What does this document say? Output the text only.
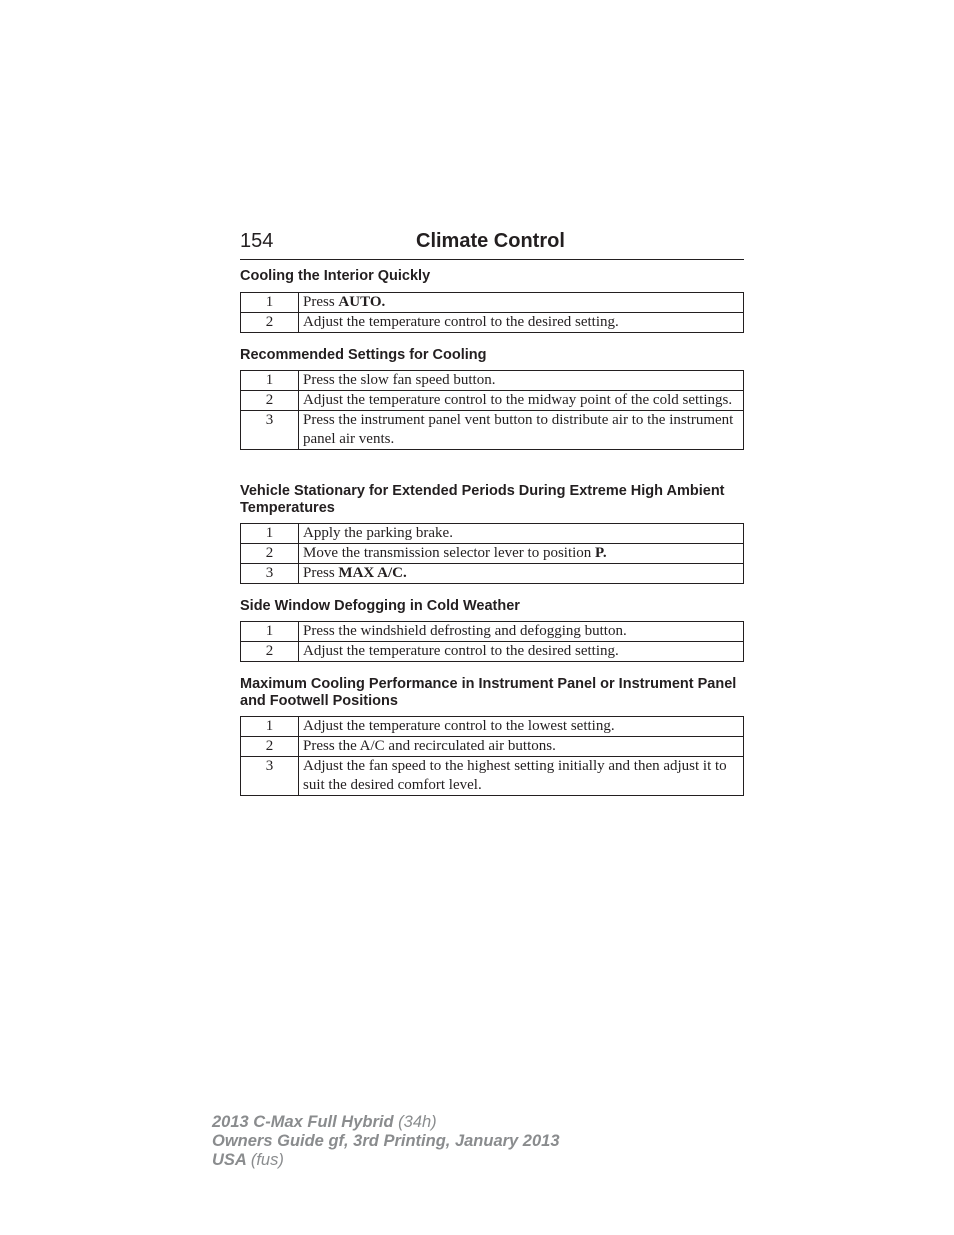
154	Climate Control
Cooling the Interior Quickly
1	Press AUTO.
2	Adjust the temperature control to the desired setting.
Recommended Settings for Cooling
1	Press the slow fan speed button.
2	Adjust the temperature control to the midway point of the cold settings.
3	Press the instrument panel vent button to distribute air to the instrument panel air vents.
Vehicle Stationary for Extended Periods During Extreme High Ambient Temperatures
1	Apply the parking brake.
2	Move the transmission selector lever to position P.
3	Press MAX A/C.
Side Window Defogging in Cold Weather
1	Press the windshield defrosting and defogging button.
2	Adjust the temperature control to the desired setting.
Maximum Cooling Performance in Instrument Panel or Instrument Panel and Footwell Positions
1	Adjust the temperature control to the lowest setting.
2	Press the A/C and recirculated air buttons.
3	Adjust the fan speed to the highest setting initially and then adjust it to suit the desired comfort level.
2013 C-Max Full Hybrid (34h)
Owners Guide gf, 3rd Printing, January 2013
USA (fus)
